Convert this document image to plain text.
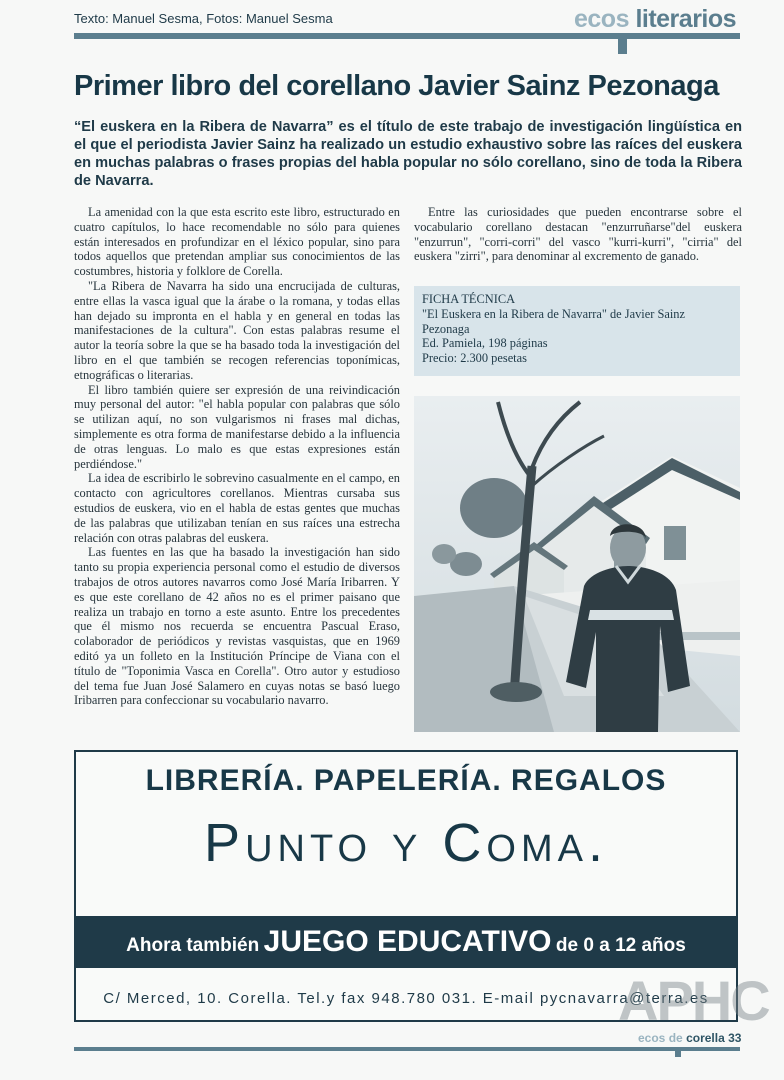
Texto: Manuel Sesma, Fotos: Manuel Sesma	ecos literarios
Primer libro del corellano Javier Sainz Pezonaga
“El euskera en la Ribera de Navarra” es el título de este trabajo de investigación lingüística en el que el periodista Javier Sainz ha realizado un estudio exhaustivo sobre las raíces del euskera en muchas palabras o frases propias del habla popular no sólo corellano, sino de toda la Ribera de Navarra.

La amenidad con la que esta escrito este libro, estructurado en cuatro capítulos, lo hace recomendable no sólo para quienes están interesados en profundizar en el léxico popular, sino para todos aquellos que pretendan ampliar sus conocimientos de las costumbres, historia y folklore de Corella.

"La Ribera de Navarra ha sido una encrucijada de culturas, entre ellas la vasca igual que la árabe o la romana, y todas ellas han dejado su impronta en el habla y en general en todas las manifestaciones de la cultura". Con estas palabras resume el autor la teoría sobre la que se ha basado toda la investigación del libro en el que también se recogen referencias toponímicas, etnográficas o literarias.

El libro también quiere ser expresión de una reivindicación muy personal del autor: "el habla popular con palabras que sólo se utilizan aquí, no son vulgarismos ni frases mal dichas, simplemente es otra forma de manifestarse debido a la influencia de otras lenguas. Lo malo es que estas expresiones están perdiéndose."

La idea de escribirlo le sobrevino casualmente en el campo, en contacto con agricultores corellanos. Mientras cursaba sus estudios de euskera, vio en el habla de estas gentes que muchas de las palabras que utilizaban tenían en sus raíces una estrecha relación con otras palabras del euskera.

Las fuentes en las que ha basado la investigación han sido tanto su propia experiencia personal como el estudio de diversos trabajos de otros autores navarros como José María Iribarren. Y es que este corellano de 42 años no es el primer paisano que realiza un trabajo en torno a este asunto. Entre los precedentes que él mismo nos recuerda se encuentra Pascual Eraso, colaborador de periódicos y revistas vasquistas, que en 1969 editó ya un folleto en la Institución Príncipe de Viana con el título de "Toponimia Vasca en Corella". Otro autor y estudioso del tema fue Juan José Salamero en cuyas notas se basó luego Iribarren para confeccionar su vocabulario navarro.

Entre las curiosidades que pueden encontrarse sobre el vocabulario corellano destacan "enzurruñarse"del euskera "enzurrun", "corri-corri" del vasco "kurri-kurri", "cirria" del euskera "zirri", para denominar al excremento de ganado.

FICHA TÉCNICA
"El Euskera en la Ribera de Navarra" de Javier Sainz Pezonaga
Ed. Pamiela, 198 páginas
Precio: 2.300 pesetas
LIBRERÍA. PAPELERÍA. REGALOS
Punto y Coma.
Ahora también JUEGO EDUCATIVO de 0 a 12 años
C/ Merced, 10. Corella. Tel.y fax 948.780 031. E-mail pycnavarra@terra.es
APHC
ecos de corella 33
